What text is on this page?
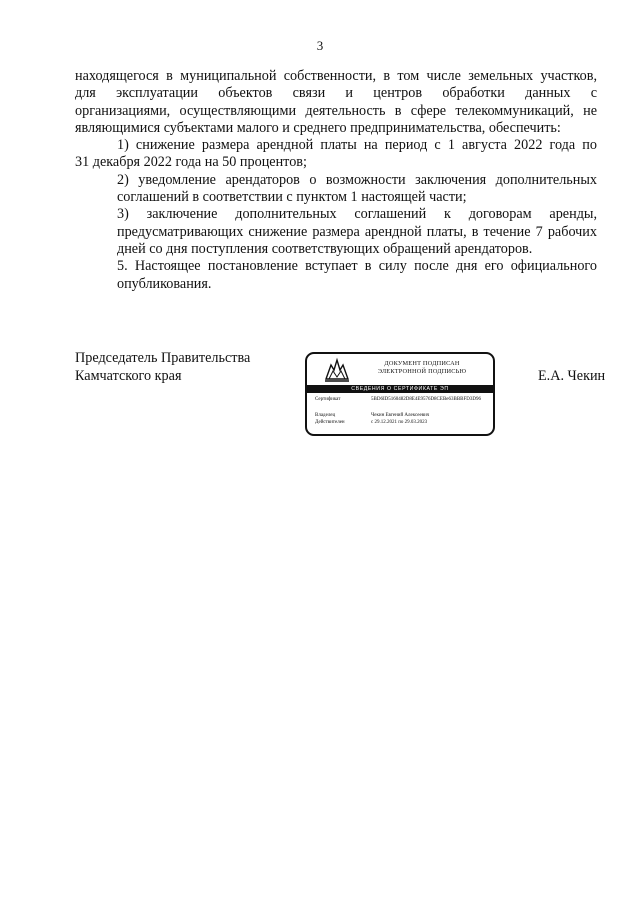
3

находящегося в муниципальной собственности, в том числе земельных участков,
для эксплуатации объектов связи и центров обработки данных с
организациями, осуществляющими деятельность в сфере телекоммуникаций, не
являющимися субъектами малого и среднего предпринимательства, обеспечить:

1) снижение размера арендной платы на период с 1 августа 2022 года по
31 декабря 2022 года на 50 процентов;

2) уведомление арендаторов о возможности заключения дополнительных
соглашений в соответствии с пунктом 1 настоящей части;

3) заключение дополнительных соглашений к договорам аренды,
предусматривающих снижение размера арендной платы, в течение 7 рабочих
дней со дня поступления соответствующих обращений арендаторов.

5. Настоящее постановление вступает в силу после дня его официального
опубликования.

Председатель Правительства
Камчатского края
ДОКУМЕНТ ПОДПИСАН
ЭЛЕКТРОННОЙ ПОДПИСЬЮ
СВЕДЕНИЯ О СЕРТИФИКАТЕ ЭП
Сертификат	5BD6ID5160482D8E4E9576D8CEBe63BBBFD3D96
Владелец	Чекин Евгений Алексеевич
Действителен	с 29.12.2021 по 29.03.2023
Е.А. Чекин
